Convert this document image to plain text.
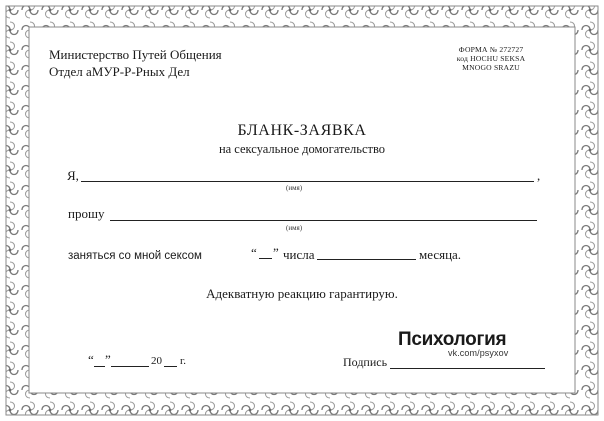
Министерство Путей Общения
Отдел аМУР-Р-Рных Дел
ФОРМА № 272727
код HOCHU SEKSA
MNOGO SRAZU
БЛАНК-ЗАЯВКА
на сексуальное домогательство
Я,	,
(имя)
прошу
(имя)
заняться со мной сексом	“ ” числа	месяца.
Адекватную реакцию гарантирую.
“ ”	20 г.	Подпись
Психология
vk.com/psyxov
